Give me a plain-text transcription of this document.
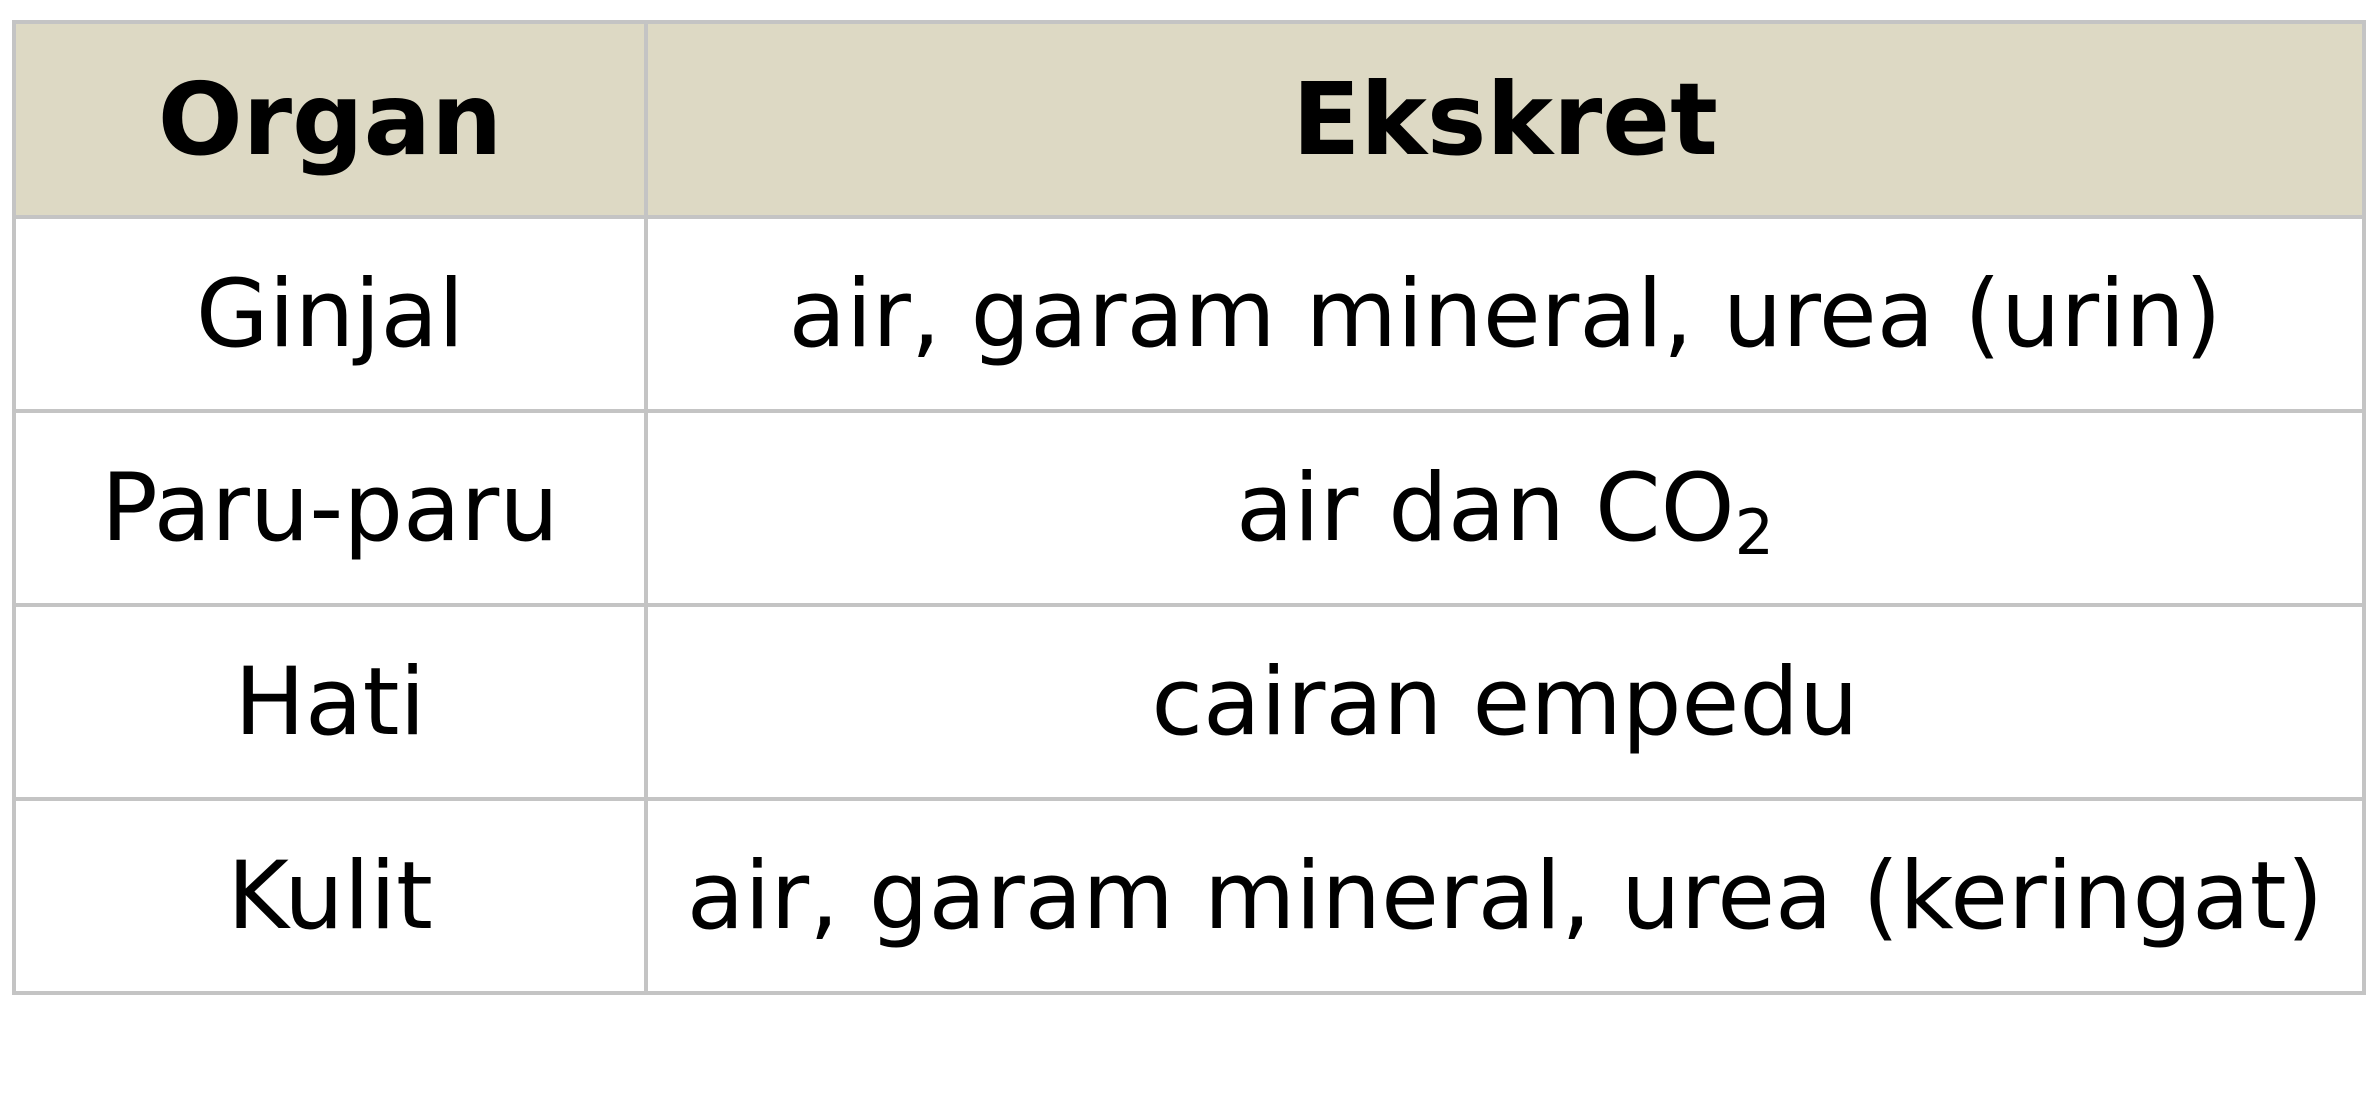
Organ	Ekskret
Ginjal	air, garam mineral, urea (urin)
Paru-paru	air dan $CO_2$
Hati	cairan empedu
Kulit	air, garam mineral, urea (keringat)
